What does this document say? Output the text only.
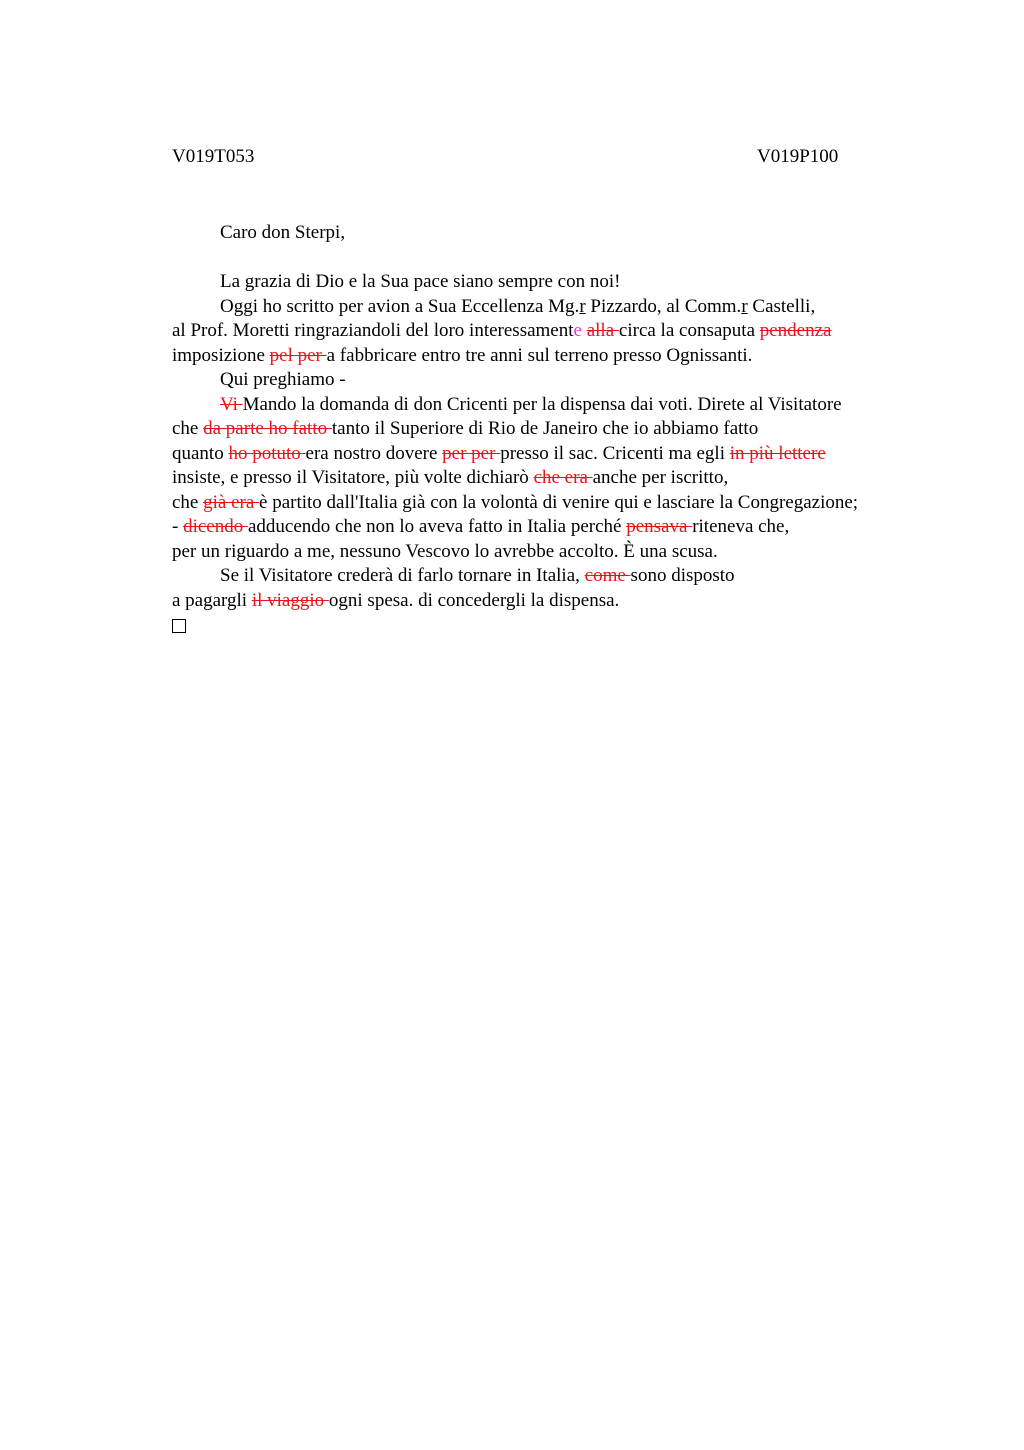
V019T053	V019P100
Caro don Sterpi,
La grazia di Dio e la Sua pace siano sempre con noi!
Oggi ho scritto per avion a Sua Eccellenza Mg.r Pizzardo, al Comm.r Castelli,
al Prof. Moretti ringraziandoli del loro interessamente alla circa la consaputa pendenza
imposizione pel per a fabbricare entro tre anni sul terreno presso Ognissanti.
Qui preghiamo -
Vi Mando la domanda di don Cricenti per la dispensa dai voti. Direte al Visitatore
che da parte ho fatto tanto il Superiore di Rio de Janeiro che io abbiamo fatto
quanto ho potuto era nostro dovere per per presso il sac. Cricenti ma egli in più lettere
insiste, e presso il Visitatore, più volte dichiarò che era anche per iscritto,
che già era è partito dall'Italia già con la volontà di venire qui e lasciare la Congregazione;
- dicendo adducendo che non lo aveva fatto in Italia perché pensava riteneva che,
per un riguardo a me, nessuno Vescovo lo avrebbe accolto. È una scusa.
Se il Visitatore crederà di farlo tornare in Italia, come sono disposto
a pagargli il viaggio ogni spesa. di concedergli la dispensa.
